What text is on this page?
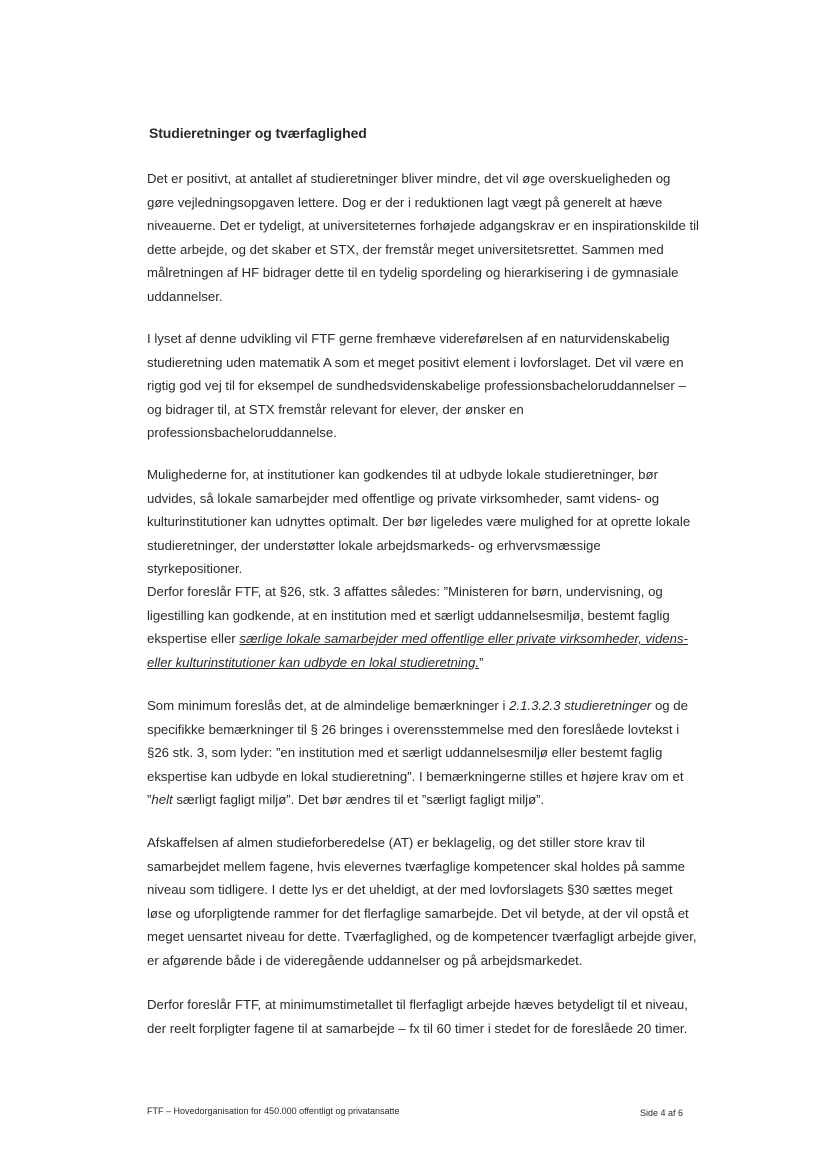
Studieretninger og tværfaglighed

Det er positivt, at antallet af studieretninger bliver mindre, det vil øge overskueligheden og gøre vejledningsopgaven lettere. Dog er der i reduktionen lagt vægt på generelt at hæve niveauerne. Det er tydeligt, at universiteternes forhøjede adgangskrav er en inspirationskilde til dette arbejde, og det skaber et STX, der fremstår meget universitetsrettet. Sammen med målretningen af HF bidrager dette til en tydelig spordeling og hierarkisering i de gymnasiale uddannelser.

I lyset af denne udvikling vil FTF gerne fremhæve videreførelsen af en naturvidenskabelig studieretning uden matematik A som et meget positivt element i lovforslaget. Det vil være en rigtig god vej til for eksempel de sundhedsvidenskabelige professionsbacheloruddannelser – og bidrager til, at STX fremstår relevant for elever, der ønsker en professionsbacheloruddannelse.

Mulighederne for, at institutioner kan godkendes til at udbyde lokale studieretninger, bør udvides, så lokale samarbejder med offentlige og private virksomheder, samt videns- og kulturinstitutioner kan udnyttes optimalt. Der bør ligeledes være mulighed for at oprette lokale studieretninger, der understøtter lokale arbejdsmarkeds- og erhvervsmæssige styrkepositioner.

Derfor foreslår FTF, at §26, stk. 3 affattes således: ”Ministeren for børn, undervisning, og ligestilling kan godkende, at en institution med et særligt uddannelsesmiljø, bestemt faglig ekspertise eller særlige lokale samarbejder med offentlige eller private virksomheder, videns- eller kulturinstitutioner kan udbyde en lokal studieretning.”

Som minimum foreslås det, at de almindelige bemærkninger i 2.1.3.2.3 studieretninger og de specifikke bemærkninger til § 26 bringes i overensstemmelse med den foreslåede lovtekst i §26 stk. 3, som lyder: ”en institution med et særligt uddannelsesmiljø eller bestemt faglig ekspertise kan udbyde en lokal studieretning”. I bemærkningerne stilles et højere krav om et ”helt særligt fagligt miljø”. Det bør ændres til et ”særligt fagligt miljø”.

Afskaffelsen af almen studieforberedelse (AT) er beklagelig, og det stiller store krav til samarbejdet mellem fagene, hvis elevernes tværfaglige kompetencer skal holdes på samme niveau som tidligere. I dette lys er det uheldigt, at der med lovforslagets §30 sættes meget løse og uforpligtende rammer for det flerfaglige samarbejde. Det vil betyde, at der vil opstå et meget uensartet niveau for dette. Tværfaglighed, og de kompetencer tværfagligt arbejde giver, er afgørende både i de videregående uddannelser og på arbejdsmarkedet.

Derfor foreslår FTF, at minimumstimetallet til flerfagligt arbejde hæves betydeligt til et niveau, der reelt forpligter fagene til at samarbejde – fx til 60 timer i stedet for de foreslåede 20 timer.

FTF – Hovedorganisation for 450.000 offentligt og privatansatte	Side 4 af 6
